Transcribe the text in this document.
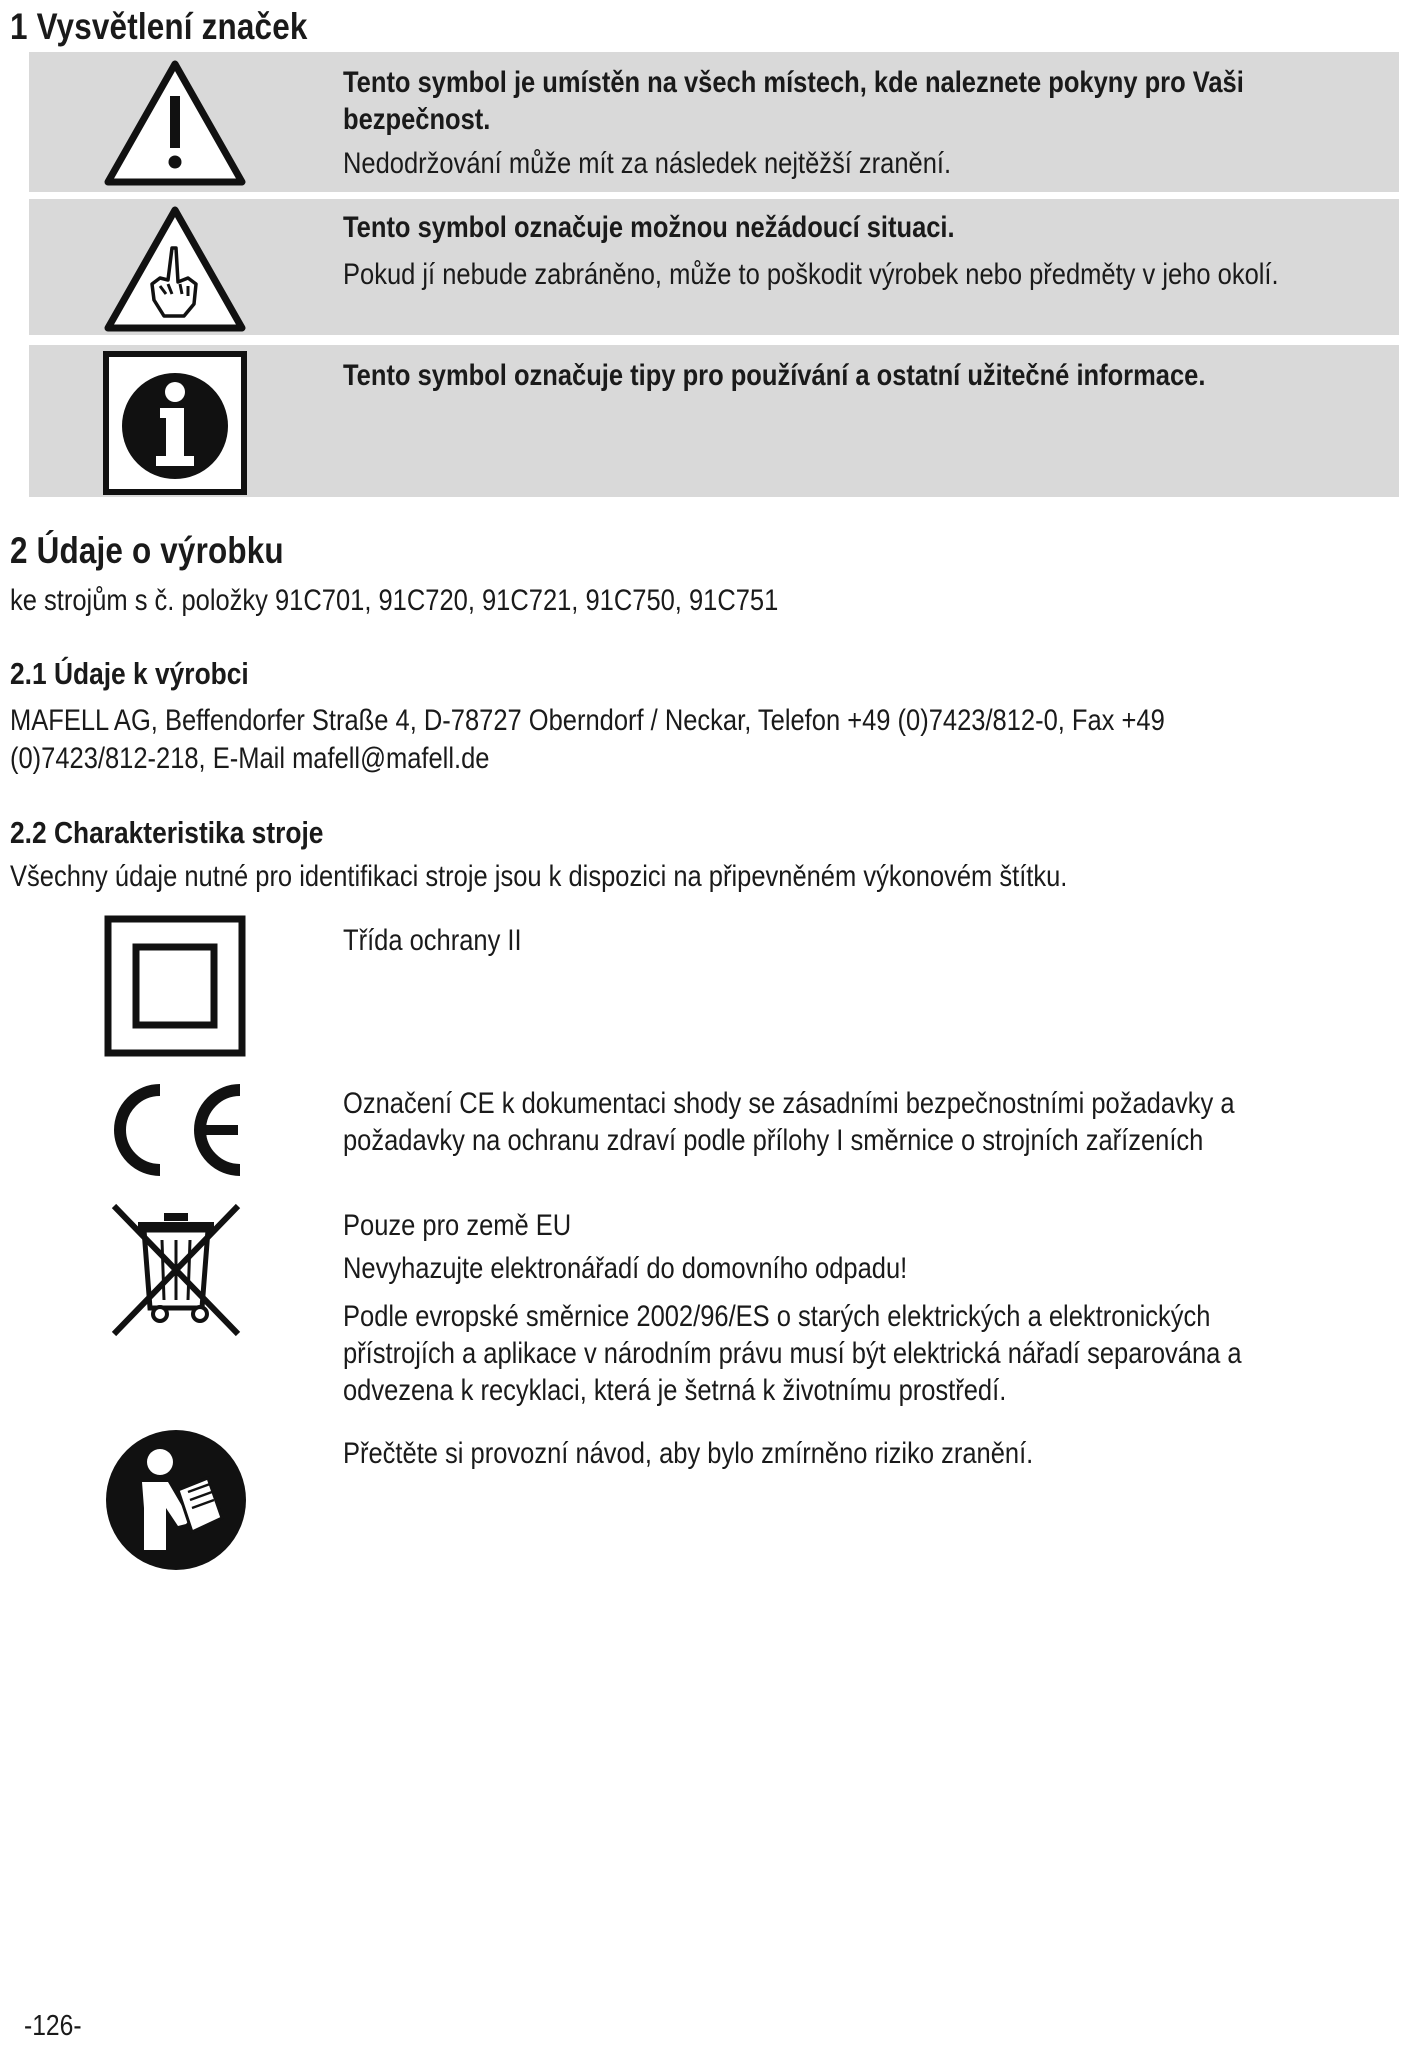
1 Vysvětlení značek

Tento symbol je umístěn na všech místech, kde naleznete pokyny pro Vaši

bezpečnost.

Nedodržování může mít za následek nejtěžší zranění.

Tento symbol označuje možnou nežádoucí situaci.

Pokud jí nebude zabráněno, může to poškodit výrobek nebo předměty v jeho okolí.

Tento symbol označuje tipy pro používání a ostatní užitečné informace.

2 Údaje o výrobku

ke strojům s č. položky 91C701, 91C720, 91C721, 91C750, 91C751

2.1 Údaje k výrobci

MAFELL AG, Beffendorfer Straße 4, D-78727 Oberndorf / Neckar, Telefon +49 (0)7423/812-0, Fax +49

(0)7423/812-218, E-Mail mafell@mafell.de

2.2 Charakteristika stroje

Všechny údaje nutné pro identifikaci stroje jsou k dispozici na připevněném výkonovém štítku.

Třída ochrany II

Označení CE k dokumentaci shody se zásadními bezpečnostními požadavky a

požadavky na ochranu zdraví podle přílohy I směrnice o strojních zařízeních

Pouze pro země EU

Nevyhazujte elektronářadí do domovního odpadu!

Podle evropské směrnice 2002/96/ES o starých elektrických a elektronických

přístrojích a aplikace v národním právu musí být elektrická nářadí separována a

odvezena k recyklaci, která je šetrná k životnímu prostředí.

Přečtěte si provozní návod, aby bylo zmírněno riziko zranění.

-126-
